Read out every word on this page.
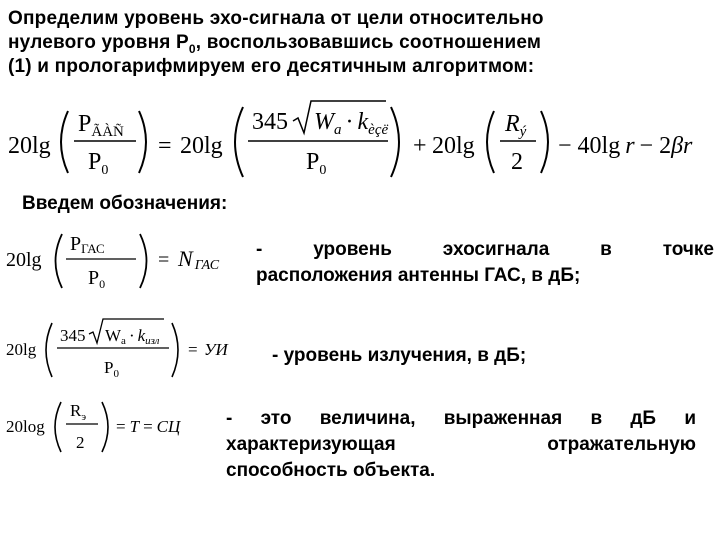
Определим уровень эхо-сигнала от цели относительно
нулевого уровня $Р_0$, воспользовавшись соотношением
(1) и прологарифмируем его десятичным алгоритмом:
20lg
$P_{ÃÀÑ}$
$P_0$
= 20lg
345 $W_a \cdot k_{èçë}$
$P_0$
+ 20lg
$R_ý$
2
− 40lg r − 2βr
Введем обозначения:
20lg
PГАС
$P_0$
= NГАС
-	уровень	эхосигнала	в	точке
расположения антенны ГАС, в дБ;
20lg
345 Wa · kизл
$P_0$
= УИ - уровень излучения, в дБ;
20log
$R_э$
2
= T = СЦ - это величина, выраженная в дБ и
характеризующая	отражательную
способность объекта.
